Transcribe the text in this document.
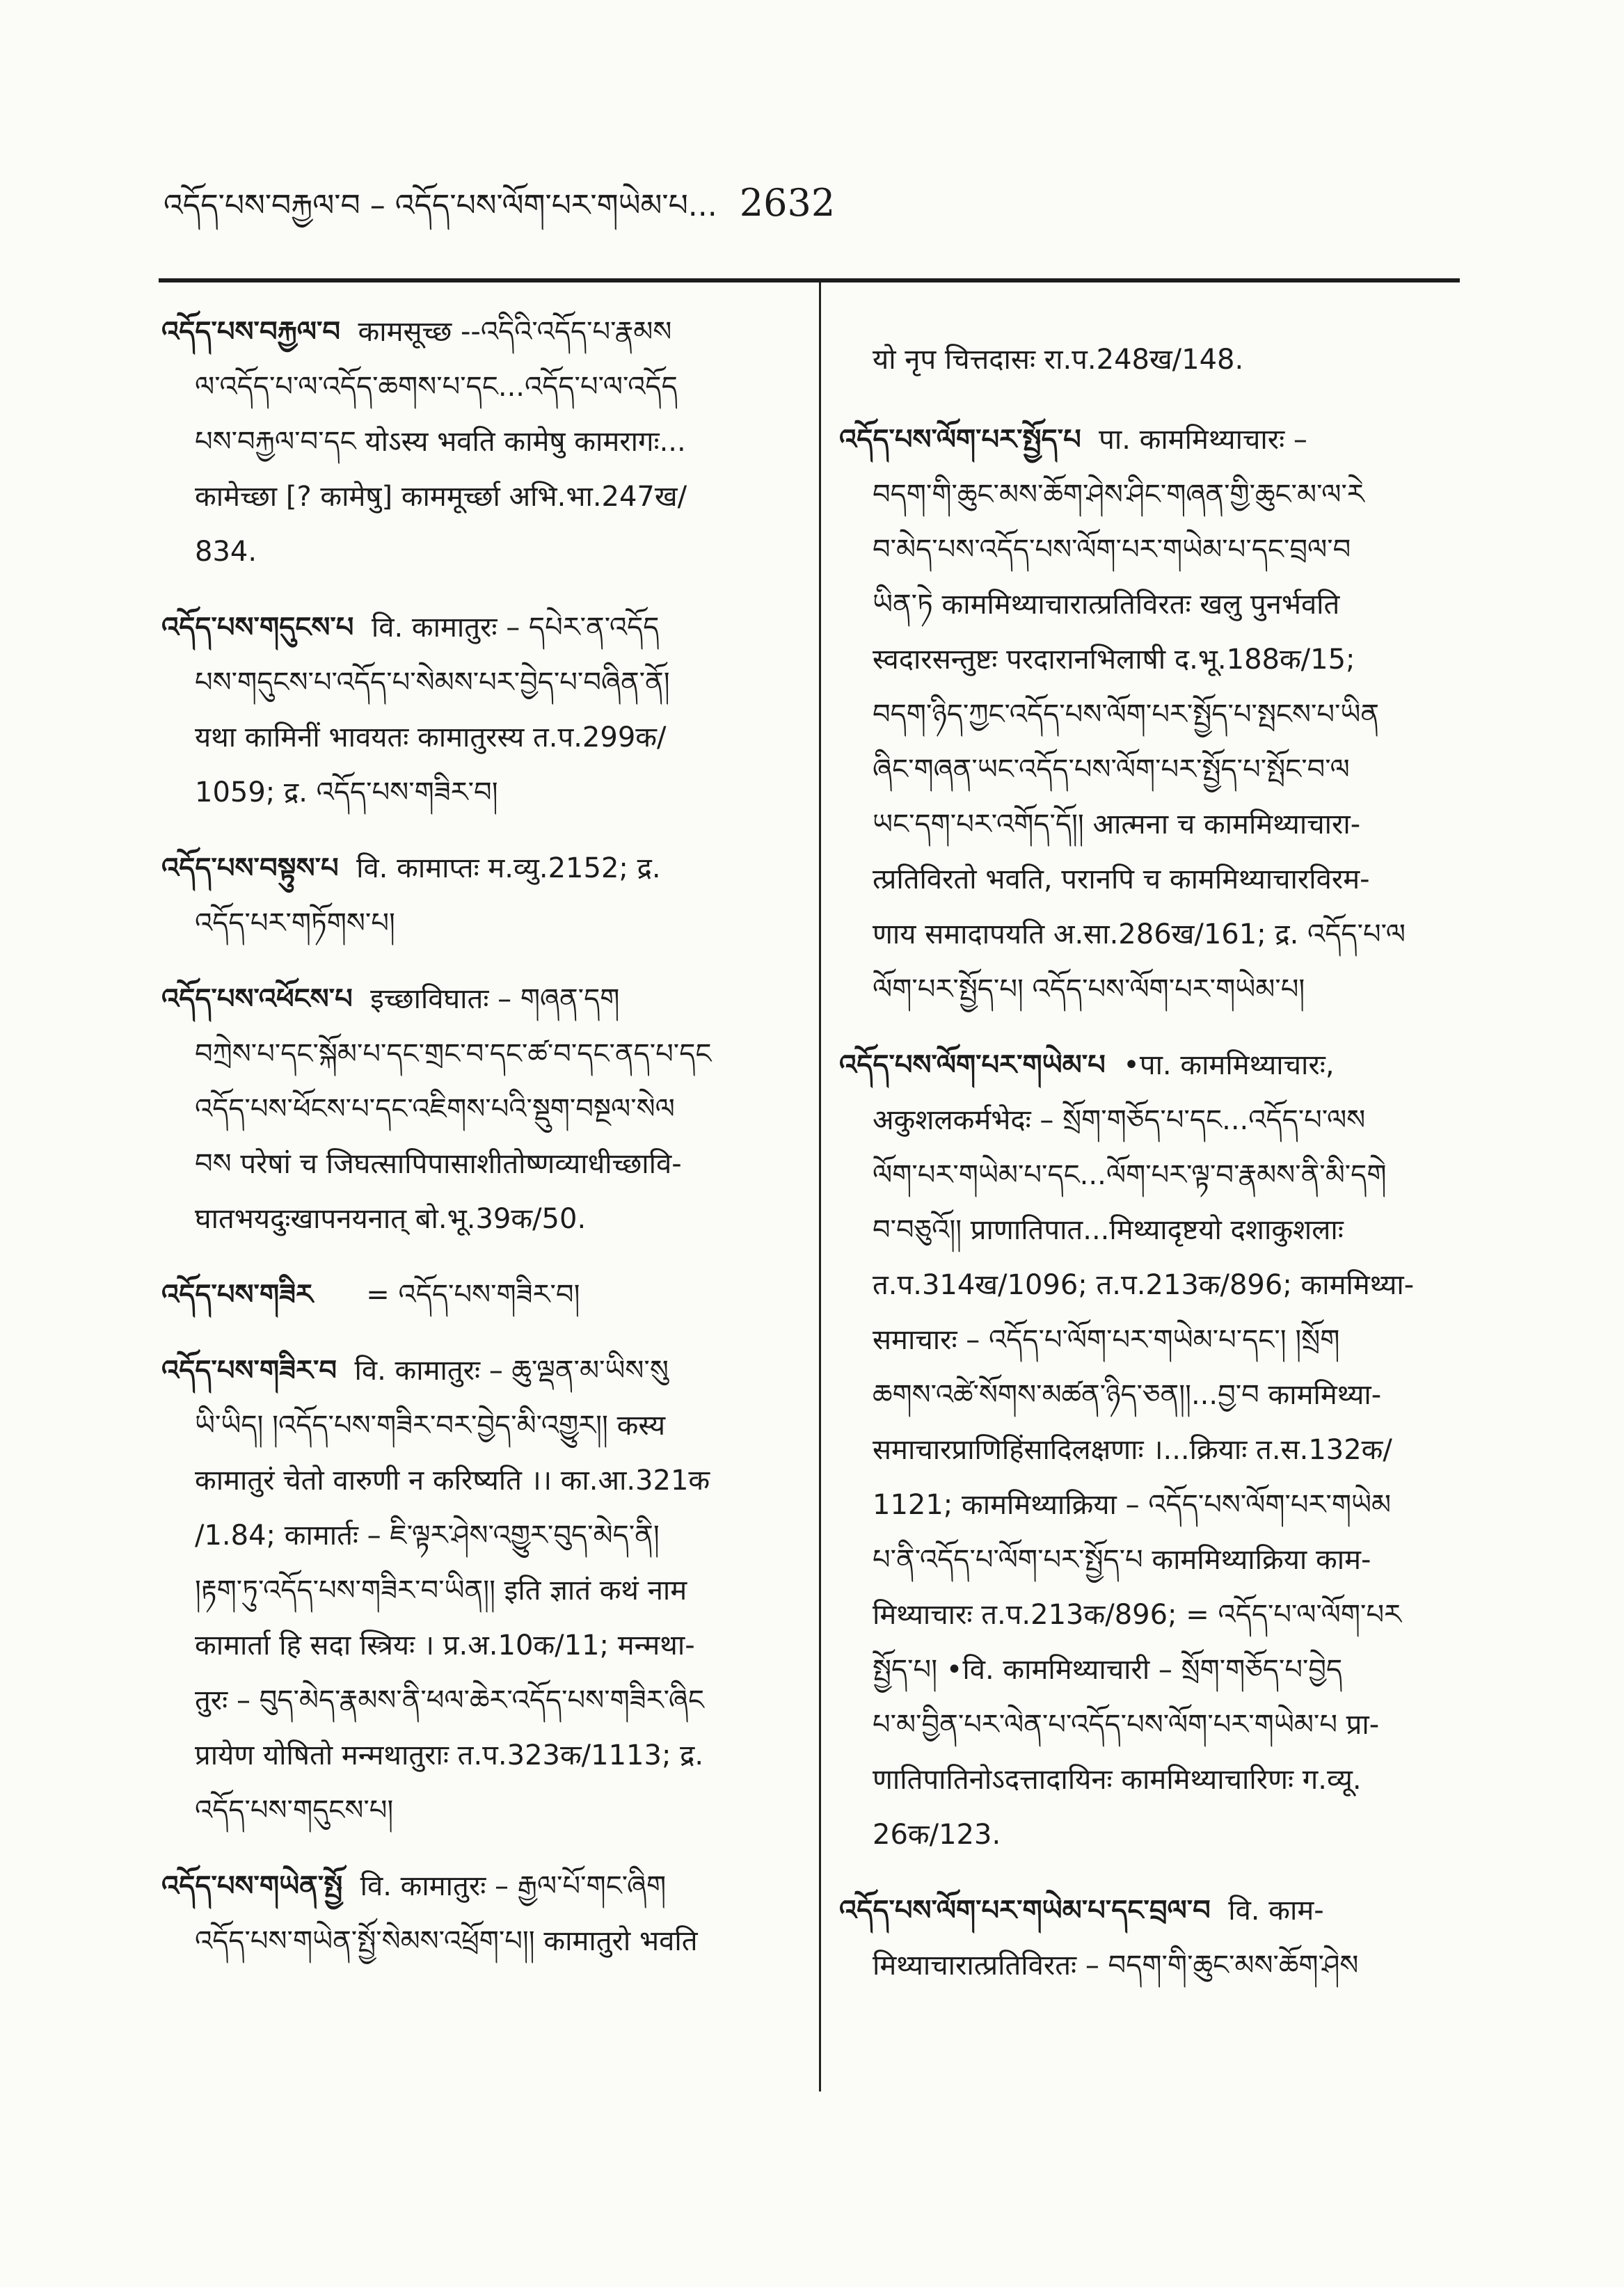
འདོད་པས་བརྐྱལ་བ – འདོད་པས་ལོག་པར་གཡེམ་པ... 2632

འདོད་པས་བརྐྱལ་བ कामसूच्छ --འདིའི་འདོད་པ་རྣམས

ལ་འདོད་པ་ལ་འདོད་ཆགས་པ་དང...འདོད་པ་ལ་འདོད

པས་བརྐྱལ་བ་དང योऽस्य भवति कामेषु कामरागः...

कामेच्छा [? कामेषु] काममूर्च्छा अभि.भा.247ख/

834.

འདོད་པས་གདུངས་པ वि. कामातुरः – དཔེར་ན་འདོད

པས་གདུངས་པ་འདོད་པ་སེམས་པར་བྱེད་པ་བཞིན་ནོ།

यथा कामिनीं भावयतः कामातुरस्य त.प.299क/

1059; द्र. འདོད་པས་གཟིར་བ།

འདོད་པས་བསྟུས་པ वि. कामाप्तः म.व्यु.2152; द्र.

འདོད་པར་གཏོགས་པ།

འདོད་པས་འཕོངས་པ इच्छाविघातः – གཞན་དག

བཀྲེས་པ་དང་སྐོམ་པ་དང་གྲང་བ་དང་ཚ་བ་དང་ནད་པ་དང

འདོད་པས་ཕོངས་པ་དང་འཇིགས་པའི་སྡུག་བསྔལ་སེལ

བས परेषां च जिघत्सापिपासाशीतोष्णव्याधीच्छावि-

घातभयदुःखापनयनात् बो.भू.39क/50.

འདོད་པས་གཟིར = འདོད་པས་གཟིར་བ།

འདོད་པས་གཟིར་བ वि. कामातुरः – ཆུ་ལྡན་མ་ཡིས་སུ

ཡི་ཡིད། །འདོད་པས་གཟིར་བར་བྱེད་མི་འགྱུར།། कस्य

कामातुरं चेतो वारुणी न करिष्यति ।। का.आ.321क

/1.84; कामार्तः – ཇི་ལྟར་ཤེས་འགྱུར་བུད་མེད་ནི།

།རྟག་ཏུ་འདོད་པས་གཟིར་བ་ཡིན།། इति ज्ञातं कथं नाम

कामार्ता हि सदा स्त्रियः । प्र.अ.10क/11; मन्मथा-

तुरः – བུད་མེད་རྣམས་ནི་ཕལ་ཆེར་འདོད་པས་གཟིར་ཞིང

प्रायेण योषितो मन्मथातुराः त.प.323क/1113; द्र.

འདོད་པས་གདུངས་པ།

འདོད་པས་གཡེན་སྤྱོ वि. कामातुरः – རྒྱལ་པོ་གང་ཞིག

འདོད་པས་གཡེན་སྤྱོ་སེམས་འཕྲོག་པ།། कामातुरो भवति

यो नृप चित्तदासः रा.प.248ख/148.

འདོད་པས་ལོག་པར་སྤྱོད་པ पा. काममिथ्याचारः –

བདག་གི་ཆུང་མས་ཆོག་ཤེས་ཤིང་གཞན་གྱི་ཆུང་མ་ལ་རེ

བ་མེད་པས་འདོད་པས་ལོག་པར་གཡེམ་པ་དང་བྲལ་བ

ཡིན་ཏེ काममिथ्याचारात्प्रतिविरतः खलु पुनर्भवति

स्वदारसन्तुष्टः परदारानभिलाषी द.भू.188क/15;

བདག་ཉིད་ཀྱང་འདོད་པས་ལོག་པར་སྤྱོད་པ་སྤངས་པ་ཡིན

ཞིང་གཞན་ཡང་འདོད་པས་ལོག་པར་སྤྱོད་པ་སྤོང་བ་ལ

ཡང་དག་པར་འགོད་དོ།། आत्मना च काममिथ्याचारा-

त्प्रतिविरतो भवति, परानपि च काममिथ्याचारविरम-

णाय समादापयति अ.सा.286ख/161; द्र. འདོད་པ་ལ

ལོག་པར་སྤྱོད་པ། འདོད་པས་ལོག་པར་གཡེམ་པ།

འདོད་པས་ལོག་པར་གཡེམ་པ •पा. काममिथ्याचारः,

अकुशलकर्मभेदः – སྲོག་གཅོད་པ་དང...འདོད་པ་ལས

ལོག་པར་གཡེམ་པ་དང...ལོག་པར་ལྟ་བ་རྣམས་ནི་མི་དགེ

བ་བཅུའོ།། प्राणातिपात...मिथ्यादृष्टयो दशाकुशलाः

त.प.314ख/1096; त.प.213क/896; काममिथ्या-

समाचारः – འདོད་པ་ལོག་པར་གཡེམ་པ་དང་། །སྲོག

ཆགས་འཚེ་སོགས་མཚན་ཉིད་ཅན།།...བྱ་བ काममिथ्या-

समाचारप्राणिहिंसादिलक्षणाः ।...क्रियाः त.स.132क/

1121; काममिथ्याक्रिया – འདོད་པས་ལོག་པར་གཡེམ

པ་ནི་འདོད་པ་ལོག་པར་སྤྱོད་པ काममिथ्याक्रिया काम-

मिथ्याचारः त.प.213क/896; = འདོད་པ་ལ་ལོག་པར

སྤྱོད་པ། •वि. काममिथ्याचारी – སྲོག་གཅོད་པ་བྱེད

པ་མ་བྱིན་པར་ལེན་པ་འདོད་པས་ལོག་པར་གཡེམ་པ प्रा-

णातिपातिनोऽदत्तादायिनः काममिथ्याचारिणः ग.व्यू.

26क/123.

འདོད་པས་ལོག་པར་གཡེམ་པ་དང་བྲལ་བ वि. काम-

मिथ्याचारात्प्रतिविरतः – བདག་གི་ཆུང་མས་ཆོག་ཤེས
